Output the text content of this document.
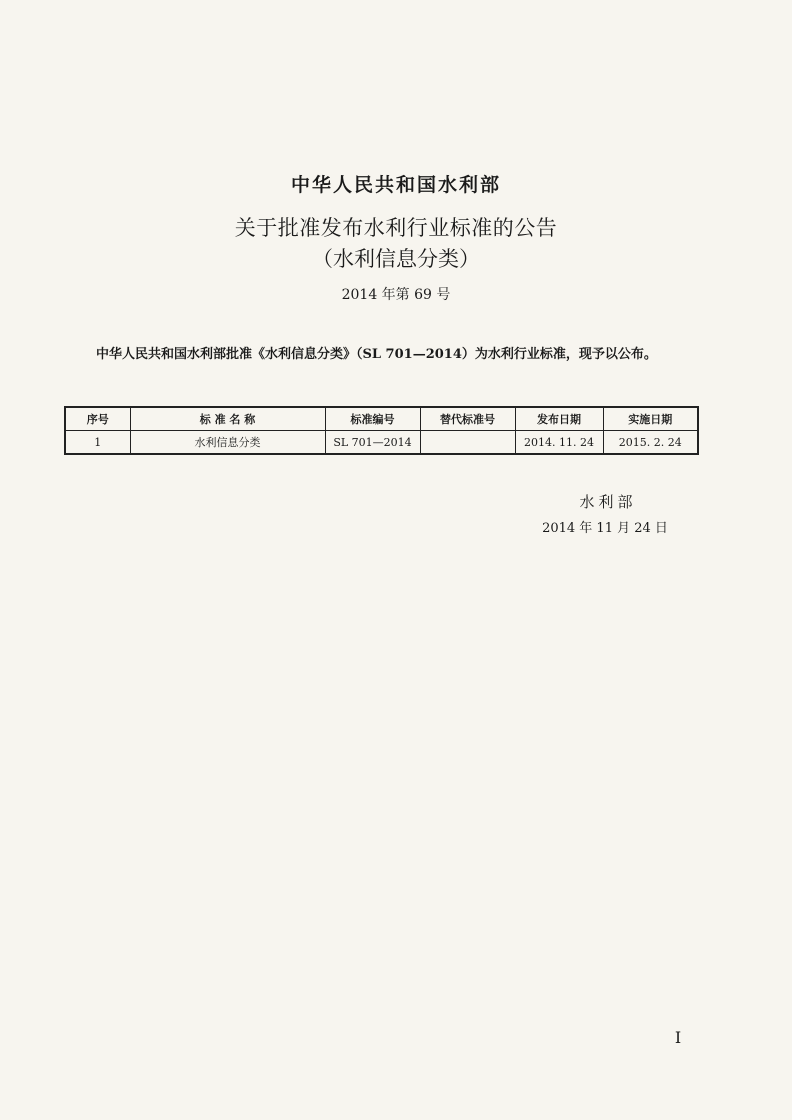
中华人民共和国水利部
关于批准发布水利行业标准的公告
（水利信息分类）
2014 年第 69 号
中华人民共和国水利部批准《水利信息分类》（SL 701—2014）为水利行业标准，现予以公布。
序号	标 准 名 称	标准编号	替代标准号	发布日期	实施日期
1	水利信息分类	SL 701—2014		2014. 11. 24	2015. 2. 24
水利部
2014 年 11 月 24 日
I
